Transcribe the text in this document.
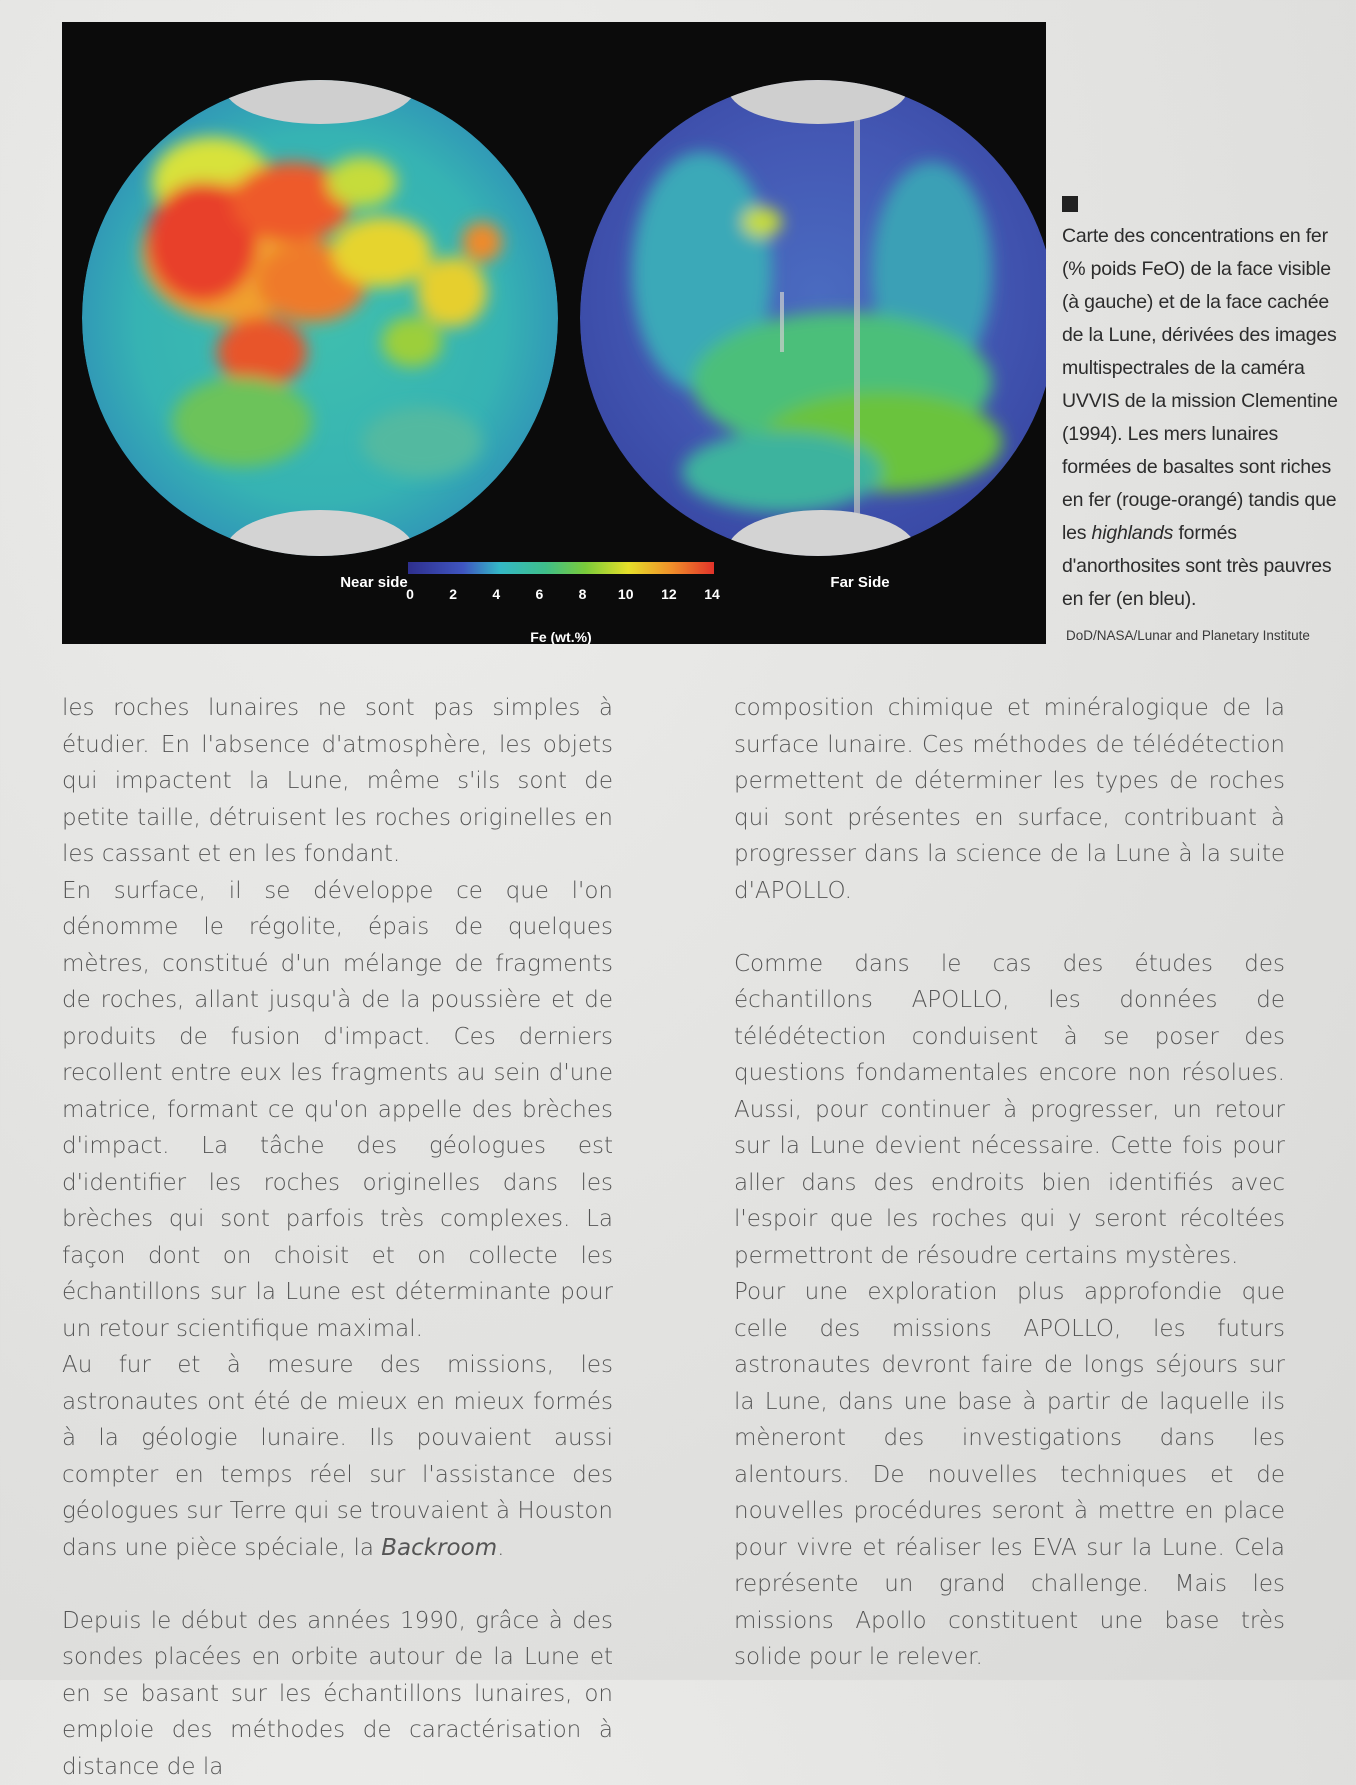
Near side	Far Side
0	2	4	6	8 10 12 14
Fe (wt.%)
Carte des concentrations en fer (% poids FeO) de la face visible (à gauche) et de la face cachée de la Lune, dérivées des images multispectrales de la caméra UVVIS de la mission Clementine (1994). Les mers lunaires formées de basaltes sont riches en fer (rouge-orangé) tandis que les highlands formés d'anorthosites sont très pauvres en fer (en bleu).
DoD/NASA/Lunar and Planetary Institute

les roches lunaires ne sont pas simples à étudier. En l'absence d'atmosphère, les objets qui impactent la Lune, même s'ils sont de petite taille, détruisent les roches originelles en les cassant et en les fondant.

En surface, il se développe ce que l'on dénomme le régolite, épais de quelques mètres, constitué d'un mélange de fragments de roches, allant jusqu'à de la poussière et de produits de fusion d'impact. Ces derniers recollent entre eux les fragments au sein d'une matrice, formant ce qu'on appelle des brèches d'impact. La tâche des géologues est d'identifier les roches originelles dans les brèches qui sont parfois très complexes. La façon dont on choisit et on collecte les échantillons sur la Lune est déterminante pour un retour scientifique maximal.

Au fur et à mesure des missions, les astronautes ont été de mieux en mieux formés à la géologie lunaire. Ils pouvaient aussi compter en temps réel sur l'assistance des géologues sur Terre qui se trouvaient à Houston dans une pièce spéciale, la Backroom.

Depuis le début des années 1990, grâce à des sondes placées en orbite autour de la Lune et en se basant sur les échantillons lunaires, on emploie des méthodes de caractérisation à distance de la

composition chimique et minéralogique de la surface lunaire. Ces méthodes de télédétection permettent de déterminer les types de roches qui sont présentes en surface, contribuant à progresser dans la science de la Lune à la suite d'APOLLO.

Comme dans le cas des études des échantillons APOLLO, les données de télédétection conduisent à se poser des questions fondamentales encore non résolues. Aussi, pour continuer à progresser, un retour sur la Lune devient nécessaire. Cette fois pour aller dans des endroits bien identifiés avec l'espoir que les roches qui y seront récoltées permettront de résoudre certains mystères.

Pour une exploration plus approfondie que celle des missions APOLLO, les futurs astronautes devront faire de longs séjours sur la Lune, dans une base à partir de laquelle ils mèneront des investigations dans les alentours. De nouvelles techniques et de nouvelles procédures seront à mettre en place pour vivre et réaliser les EVA sur la Lune. Cela représente un grand challenge. Mais les missions Apollo constituent une base très solide pour le relever.
